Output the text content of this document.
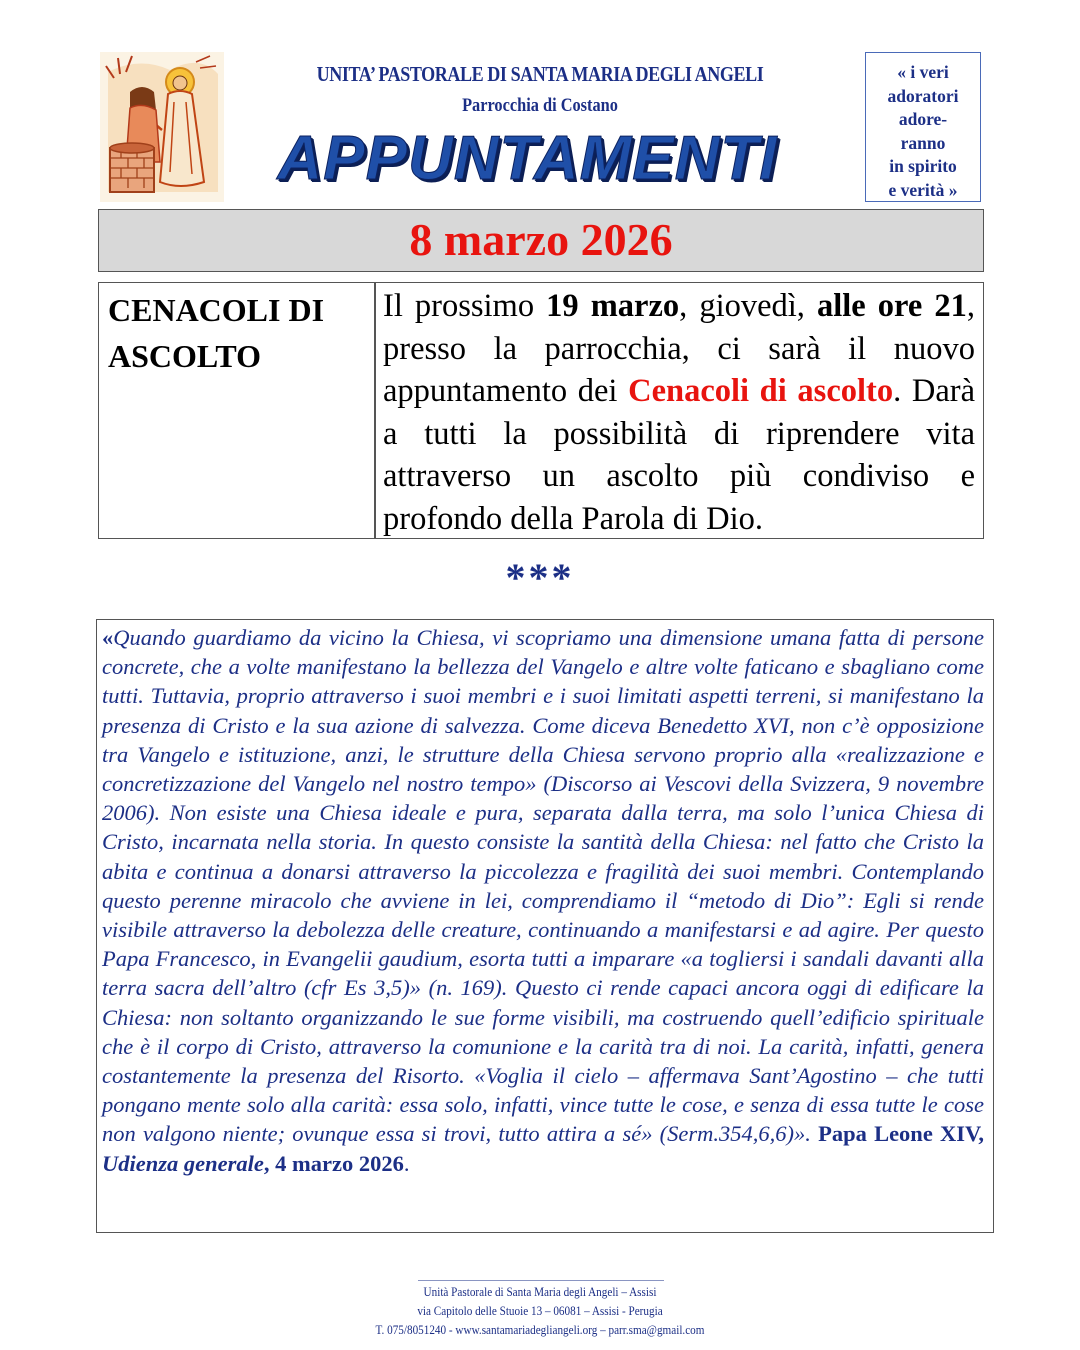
UNITA’ PASTORALE DI SANTA MARIA DEGLI ANGELI
Parrocchia di Costano
APPUNTAMENTI
« i veri
adoratori
adore-
ranno
in spirito
e verità »
8 marzo 2026
CENACOLI DI ASCOLTO
Il prossimo 19 marzo, giovedì, alle ore 21, presso la parrocchia, ci sarà il nuovo appuntamento dei Cenacoli di ascolto. Darà a tutti la possibilità di riprendere vita attraverso un ascolto più condiviso e profondo della Parola di Dio.
***

«Quando guardiamo da vicino la Chiesa, vi scopriamo una dimensione umana fatta di persone concrete, che a volte manifestano la bellezza del Vangelo e altre volte faticano e sbagliano come tutti. Tuttavia, proprio attraverso i suoi membri e i suoi limitati aspetti terreni, si manifestano la presenza di Cristo e la sua azione di salvezza. Come diceva Benedetto XVI, non c’è opposizione tra Vangelo e istituzione, anzi, le strutture della Chiesa servono proprio alla «realizzazione e concretizzazione del Vangelo nel nostro tempo» (Discorso ai Vescovi della Svizzera, 9 novembre 2006). Non esiste una Chiesa ideale e pura, separata dalla terra, ma solo l’unica Chiesa di Cristo, incarnata nella storia. In questo consiste la santità della Chiesa: nel fatto che Cristo la abita e continua a donarsi attraverso la piccolezza e fragilità dei suoi membri. Contemplando questo perenne miracolo che avviene in lei, comprendiamo il “metodo di Dio”: Egli si rende visibile attraverso la debolezza delle creature, continuando a manifestarsi e ad agire. Per questo Papa Francesco, in Evangelii gaudium, esorta tutti a imparare «a togliersi i sandali davanti alla terra sacra dell’altro (cfr Es 3,5)» (n. 169). Questo ci rende capaci ancora oggi di edificare la Chiesa: non soltanto organizzando le sue forme visibili, ma costruendo quell’edificio spirituale che è il corpo di Cristo, attraverso la comunione e la carità tra di noi. La carità, infatti, genera costantemente la presenza del Risorto. «Voglia il cielo – affermava Sant’Agostino – che tutti pongano mente solo alla carità: essa solo, infatti, vince tutte le cose, e senza di essa tutte le cose non valgono niente; ovunque essa si trovi, tutto attira a sé» (Serm.354,6,6)». Papa Leone XIV, Udienza generale, 4 marzo 2026.

Unità Pastorale di Santa Maria degli Angeli – Assisi
via Capitolo delle Stuoie 13 – 06081 – Assisi - Perugia
T. 075/8051240 - www.santamariadegliangeli.org – parr.sma@gmail.com
